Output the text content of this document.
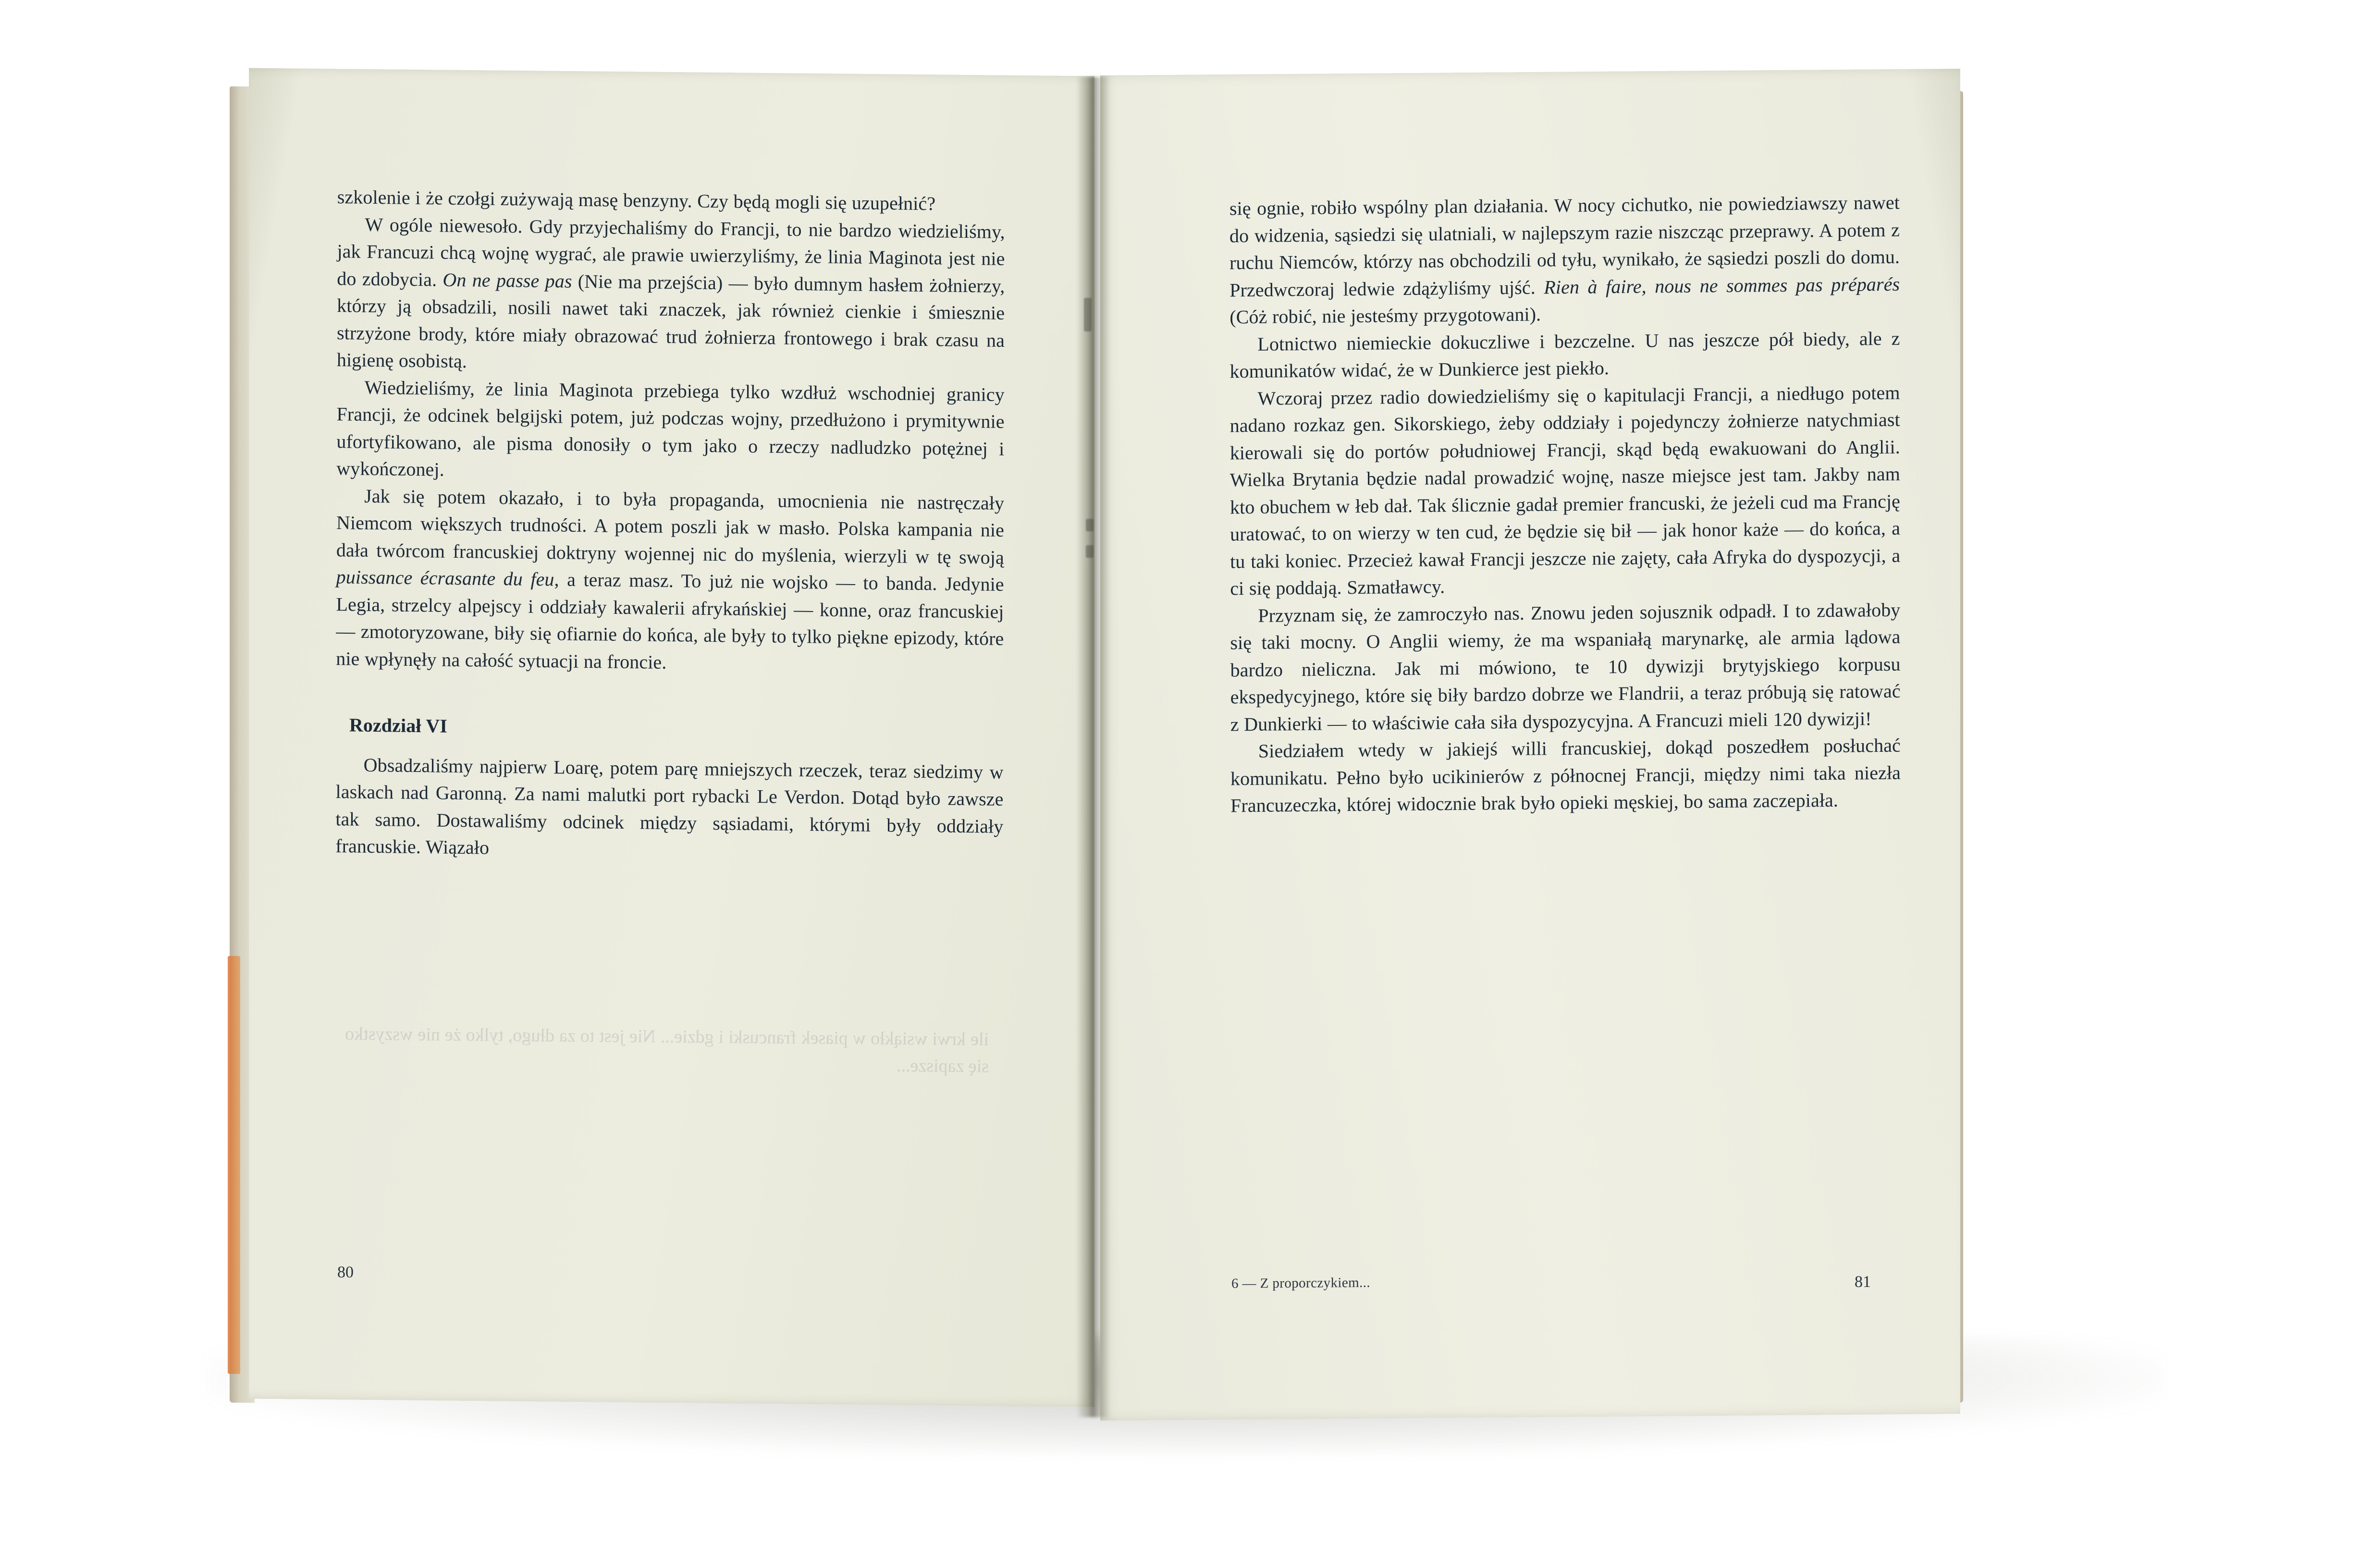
szkolenie i że czołgi zużywają masę benzyny. Czy będą mogli się uzupełnić?

W ogóle niewesoło. Gdy przyjechaliśmy do Francji, to nie bardzo wiedzieliśmy, jak Francuzi chcą wojnę wygrać, ale prawie uwierzyliśmy, że linia Maginota jest nie do zdobycia. On ne passe pas (Nie ma przejścia) — było dumnym hasłem żołnierzy, którzy ją obsadzili, nosili nawet taki znaczek, jak również cienkie i śmiesznie strzyżone brody, które miały obrazować trud żołnierza frontowego i brak czasu na higienę osobistą.

Wiedzieliśmy, że linia Maginota przebiega tylko wzdłuż wschodniej granicy Francji, że odcinek belgijski potem, już podczas wojny, przedłużono i prymitywnie ufortyfikowano, ale pisma donosiły o tym jako o rzeczy nadludzko potężnej i wykończonej.

Jak się potem okazało, i to była propaganda, umocnienia nie nastręczały Niemcom większych trudności. A potem poszli jak w masło. Polska kampania nie dała twórcom francuskiej doktryny wojennej nic do myślenia, wierzyli w tę swoją puissance écrasante du feu, a teraz masz. To już nie wojsko — to banda. Jedynie Legia, strzelcy alpejscy i oddziały kawalerii afrykańskiej — konne, oraz francuskiej — zmotoryzowane, biły się ofiarnie do końca, ale były to tylko piękne epizody, które nie wpłynęły na całość sytuacji na froncie.

Rozdział VI

Obsadzaliśmy najpierw Loarę, potem parę mniejszych rzeczek, teraz siedzimy w laskach nad Garonną. Za nami malutki port rybacki Le Verdon. Dotąd było zawsze tak samo. Dostawaliśmy odcinek między sąsiadami, którymi były oddziały francuskie. Wiązało

się ognie, robiło wspólny plan działania. W nocy cichutko, nie powiedziawszy nawet do widzenia, sąsiedzi się ulatniali, w najlepszym razie niszcząc przeprawy. A potem z ruchu Niemców, którzy nas obchodzili od tyłu, wynikało, że sąsiedzi poszli do domu. Przedwczoraj ledwie zdążyliśmy ujść. Rien à faire, nous ne sommes pas préparés (Cóż robić, nie jesteśmy przygotowani).

Lotnictwo niemieckie dokuczliwe i bezczelne. U nas jeszcze pół biedy, ale z komunikatów widać, że w Dunkierce jest piekło.

Wczoraj przez radio dowiedzieliśmy się o kapitulacji Francji, a niedługo potem nadano rozkaz gen. Sikorskiego, żeby oddziały i pojedynczy żołnierze natychmiast kierowali się do portów południowej Francji, skąd będą ewakuowani do Anglii. Wielka Brytania będzie nadal prowadzić wojnę, nasze miejsce jest tam. Jakby nam kto obuchem w łeb dał. Tak ślicznie gadał premier francuski, że jeżeli cud ma Francję uratować, to on wierzy w ten cud, że będzie się bił — jak honor każe — do końca, a tu taki koniec. Przecież kawał Francji jeszcze nie zajęty, cała Afryka do dyspozycji, a ci się poddają. Szmatławcy.

Przyznam się, że zamroczyło nas. Znowu jeden sojusznik odpadł. I to zdawałoby się taki mocny. O Anglii wiemy, że ma wspaniałą marynarkę, ale armia lądowa bardzo nieliczna. Jak mi mówiono, te 10 dywizji brytyjskiego korpusu ekspedycyjnego, które się biły bardzo dobrze we Flandrii, a teraz próbują się ratować z Dunkierki — to właściwie cała siła dyspozycyjna. A Francuzi mieli 120 dywizji!

Siedziałem wtedy w jakiejś willi francuskiej, dokąd poszedłem posłuchać komunikatu. Pełno było ucikinierów z północnej Francji, między nimi taka niezła Francuzeczka, której widocznie brak było opieki męskiej, bo sama zaczepiała.

80
6 — Z proporczykiem...	81
